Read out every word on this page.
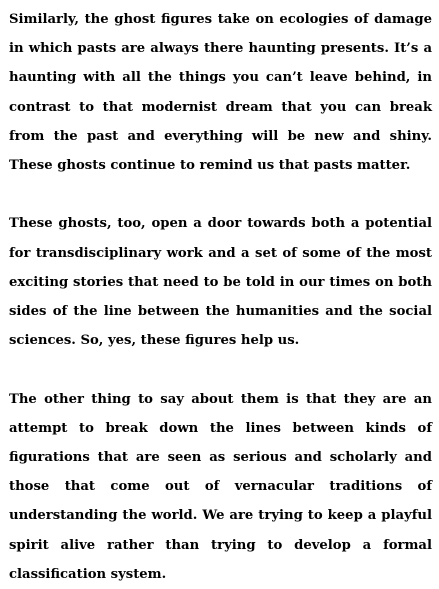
Similarly, the ghost figures take on ecologies of damage in which pasts are always there haunting presents. It’s a haunting with all the things you can’t leave behind, in contrast to that modernist dream that you can break from the past and everything will be new and shiny. These ghosts continue to remind us that pasts matter.

These ghosts, too, open a door towards both a potential for transdisciplinary work and a set of some of the most exciting stories that need to be told in our times on both sides of the line between the humanities and the social sciences. So, yes, these figures help us.

The other thing to say about them is that they are an attempt to break down the lines between kinds of figurations that are seen as serious and scholarly and those that come out of vernacular traditions of understanding the world. We are trying to keep a playful spirit alive rather than trying to develop a formal classification system.
